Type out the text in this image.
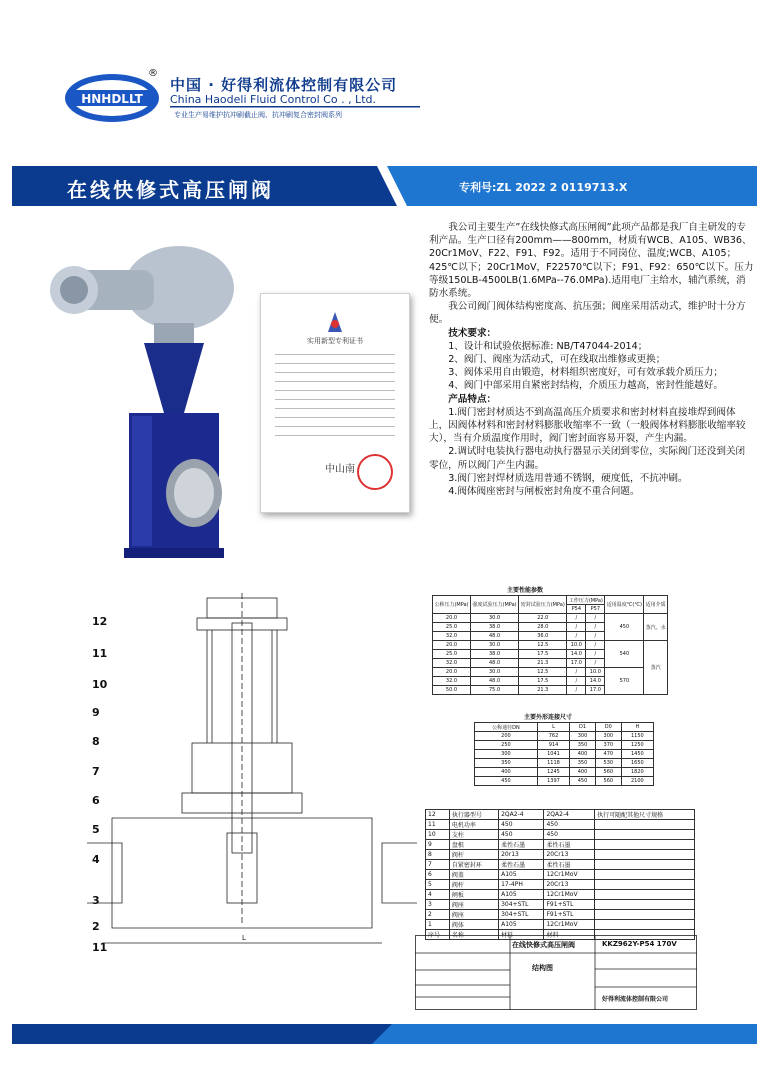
HNHDLLT
®
中国 · 好得利流体控制有限公司
China Haodeli Fluid Control Co . , Ltd.
专业生产易维护抗冲刷截止阀、抗冲刷复合密封阀系列
在线快修式高压闸阀	专利号:ZL 2022 2 0119713.X
实用新型专利证书
中山南

我公司主要生产”在线快修式高压闸阀”此项产品都是我厂自主研发的专利产品。生产口径有200mm——800mm，材质有WCB、A105、WB36、20Cr1MoV、F22、F91、F92。适用于不同岗位、温度;WCB、A105；425℃以下；20Cr1MoV，F22570℃以下；F91、F92：650℃以下。压力等级150LB-4500LB(1.6MPa--76.0MPa).适用电厂主给水，辅汽系统，消防水系统。

我公司阀门阀体结构密度高、抗压强；阀座采用活动式，维护时十分方便。

技术要求：

1、设计和试验依据标准: NB/T47044-2014；

2、阀门、阀座为活动式，可在线取出维修或更换；

3、阀体采用自由锻造，材料组织密度好，可有效承载介质压力；

4、阀门中部采用自紧密封结构，介质压力越高，密封性能越好。

产品特点：

1.阀门密封材质达不到高温高压介质要求和密封材料直接堆焊到阀体上，因阀体材料和密封材料膨胀收缩率不一致（一般阀体材料膨胀收缩率较大），当有介质温度作用时，阀门密封面容易开裂，产生内漏。

2.调试时电装执行器电动执行器显示关闭到零位，实际阀门还没到关闭零位，所以阀门产生内漏。

3.阀门密封焊材质选用普通不锈钢，硬度低，不抗冲刷。

4.阀体阀座密封与闸板密封角度不重合问题。

L
12
11
10
9
8
7
6
5
4
3
2
11
主要性能参数
公称压力(MPa)	强度试验压力(MPa)	密封试验压力(MPa)	工作压力(MPa)		适用温度℃(℃)	适用介质
			P54	P57		
20.0	30.0	22.0	/	/	450	蒸汽、水
25.0	38.0	28.0	/	/		
32.0	48.0	36.0	/	/		
20.0	30.0	12.5	10.0	/	540	蒸汽
25.0	38.0	17.5	14.0	/		
32.0	48.0	21.3	17.0	/		
20.0	30.0	12.5	/	10.0	570	
32.0	48.0	17.5	/	14.0		
50.0	75.0	21.3	/	17.0		
主要外形连接尺寸
公称通径DN	L	D1	D0	H
200	762	300	300	1150
250	914	350	370	1250
300	1041	400	470	1450
350	1118	350	530	1650
400	1245	400	560	1820
450	1397	450	560	2100
12	执行器型号	2QA2-4	2QA2-4	执行可随配其他尺寸规格
11	电机功率	450	450	
10	支柱	450	450	
9	盘根	柔性石墨	柔性石墨	
8	阀杆	20r13	20Cr13	
7	自紧密封环	柔性石墨	柔性石墨	
6	阀盖	A105	12Cr1MoV	
5	阀杆	17-4PH	20Cr13	
4	闸板	A105	12Cr1MoV	
3	阀座	304+STL	F91+STL	
2	阀座	304+STL	F91+STL	
1	阀体	A105	12Cr1MoV	
序号	名称	材料	材料	
在线快修式高压闸阀	KKZ962Y-P54 170V
结构图
好得利流体控制有限公司
